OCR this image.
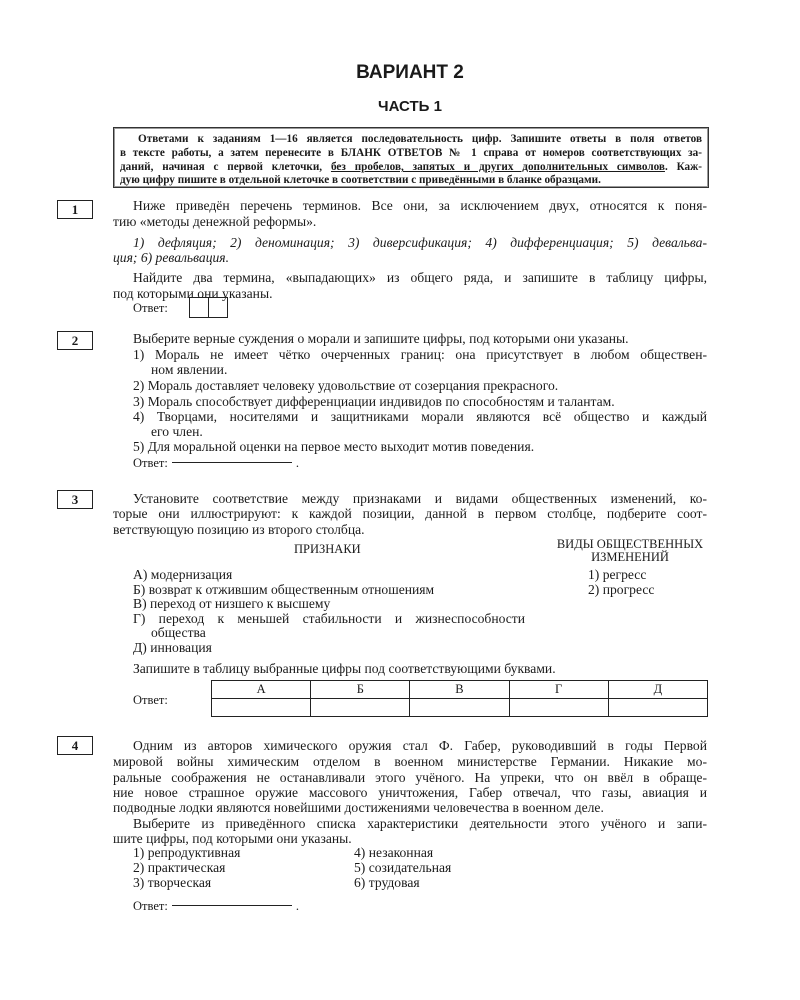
ВАРИАНТ 2
ЧАСТЬ 1
Ответами к заданиям 1—16 является последовательность цифр. Запишите ответы в поля ответов
в тексте работы, а затем перенесите в БЛАНК ОТВЕТОВ № 1 справа от номеров соответствующих за-
даний, начиная с первой клеточки, без пробелов, запятых и других дополнительных символов. Каж-
дую цифру пишите в отдельной клеточке в соответствии с приведёнными в бланке образцами.
1	Ниже приведён перечень терминов. Все они, за исключением двух, относятся к поня-
тию «методы денежной реформы».
1) дефляция; 2) деноминация; 3) диверсификация; 4) дифференциация; 5) девальва-
ция; 6) ревальвация.
Найдите два термина, «выпадающих» из общего ряда, и запишите в таблицу цифры,
под которыми они указаны.
Ответ:
2	Выберите верные суждения о морали и запишите цифры, под которыми они указаны.
1) Мораль не имеет чётко очерченных границ: она присутствует в любом обществен-
ном явлении.
2) Мораль доставляет человеку удовольствие от созерцания прекрасного.
3) Мораль способствует дифференциации индивидов по способностям и талантам.
4) Творцами, носителями и защитниками морали являются всё общество и каждый
его член.
5) Для моральной оценки на первое место выходит мотив поведения.
Ответ:	.
3	Установите соответствие между признаками и видами общественных изменений, ко-
торые они иллюстрируют: к каждой позиции, данной в первом столбце, подберите соот-
ветствующую позицию из второго столбца.
ПРИЗНАКИ	ВИДЫ ОБЩЕСТВЕННЫХ
ИЗМЕНЕНИЙ
А) модернизация
Б) возврат к отжившим общественным отношениям
В) переход от низшего к высшему
Г) переход к меньшей стабильности и жизнеспособности
общества
Д) инновация
1) регресс
2) прогресс
Запишите в таблицу выбранные цифры под соответствующими буквами.
Ответ:
А	Б	В	Г	Д

4	Одним из авторов химического оружия стал Ф. Габер, руководивший в годы Первой
мировой войны химическим отделом в военном министерстве Германии. Никакие мо-
ральные соображения не останавливали этого учёного. На упреки, что он ввёл в обраще-
ние новое страшное оружие массового уничтожения, Габер отвечал, что газы, авиация и
подводные лодки являются новейшими достижениями человечества в военном деле.
Выберите из приведённого списка характеристики деятельности этого учёного и запи-
шите цифры, под которыми они указаны.
1) репродуктивная
2) практическая
3) творческая
4) незаконная
5) созидательная
6) трудовая
Ответ:	.
